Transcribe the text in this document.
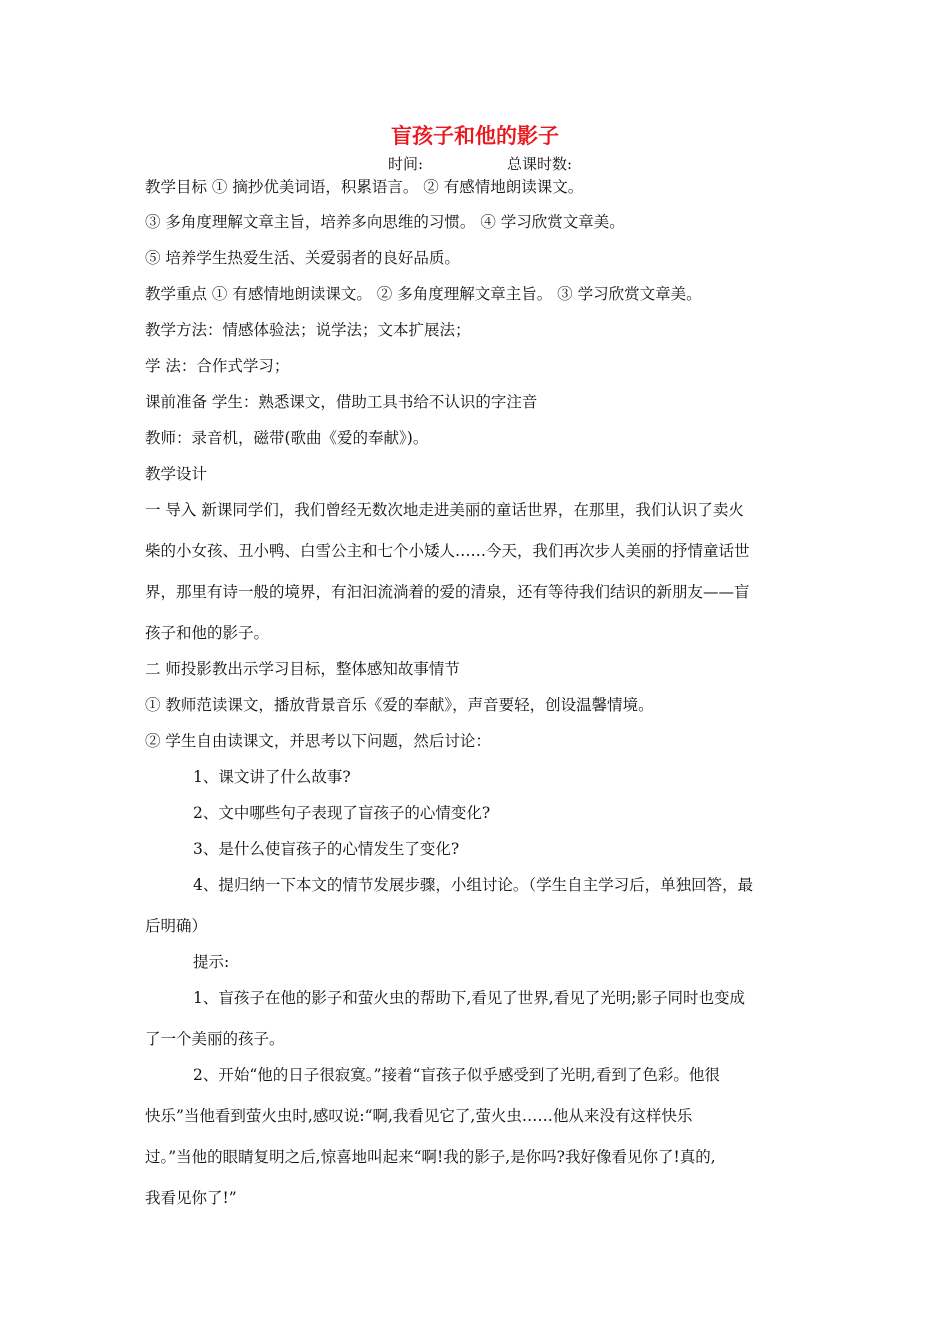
盲孩子和他的影子
时间:	总课时数:
教学目标 ① 摘抄优美词语，积累语言。 ② 有感情地朗读课文。
③ 多角度理解文章主旨，培养多向思维的习惯。 ④ 学习欣赏文章美。
⑤ 培养学生热爱生活、关爱弱者的良好品质。
教学重点 ① 有感情地朗读课文。 ② 多角度理解文章主旨。 ③ 学习欣赏文章美。
教学方法：情感体验法；说学法；文本扩展法；
学 法：合作式学习；
课前准备 学生：熟悉课文，借助工具书给不认识的字注音
教师：录音机，磁带(歌曲《爱的奉献》)。
教学设计
一 导入 新课同学们，我们曾经无数次地走进美丽的童话世界，在那里，我们认识了卖火
柴的小女孩、丑小鸭、白雪公主和七个小矮人……今天，我们再次步人美丽的抒情童话世
界，那里有诗一般的境界，有汩汩流淌着的爱的清泉，还有等待我们结识的新朋友——盲
孩子和他的影子。
二 师投影教出示学习目标，整体感知故事情节
① 教师范读课文，播放背景音乐《爱的奉献》，声音要轻，创设温馨情境。
② 学生自由读课文，并思考以下问题，然后讨论：
1、课文讲了什么故事?
2、文中哪些句子表现了盲孩子的心情变化?
3、是什么使盲孩子的心情发生了变化?
4、提归纳一下本文的情节发展步骤，小组讨论。（学生自主学习后，单独回答，最
后明确）
提示:
1、盲孩子在他的影子和萤火虫的帮助下,看见了世界,看见了光明;影子同时也变成
了一个美丽的孩子。
2、开始“他的日子很寂寞。”接着“盲孩子似乎感受到了光明,看到了色彩。他很
快乐”当他看到萤火虫时,感叹说:“啊,我看见它了,萤火虫……他从来没有这样快乐
过。”当他的眼睛复明之后,惊喜地叫起来“啊!我的影子,是你吗?我好像看见你了!真的,
我看见你了!”
